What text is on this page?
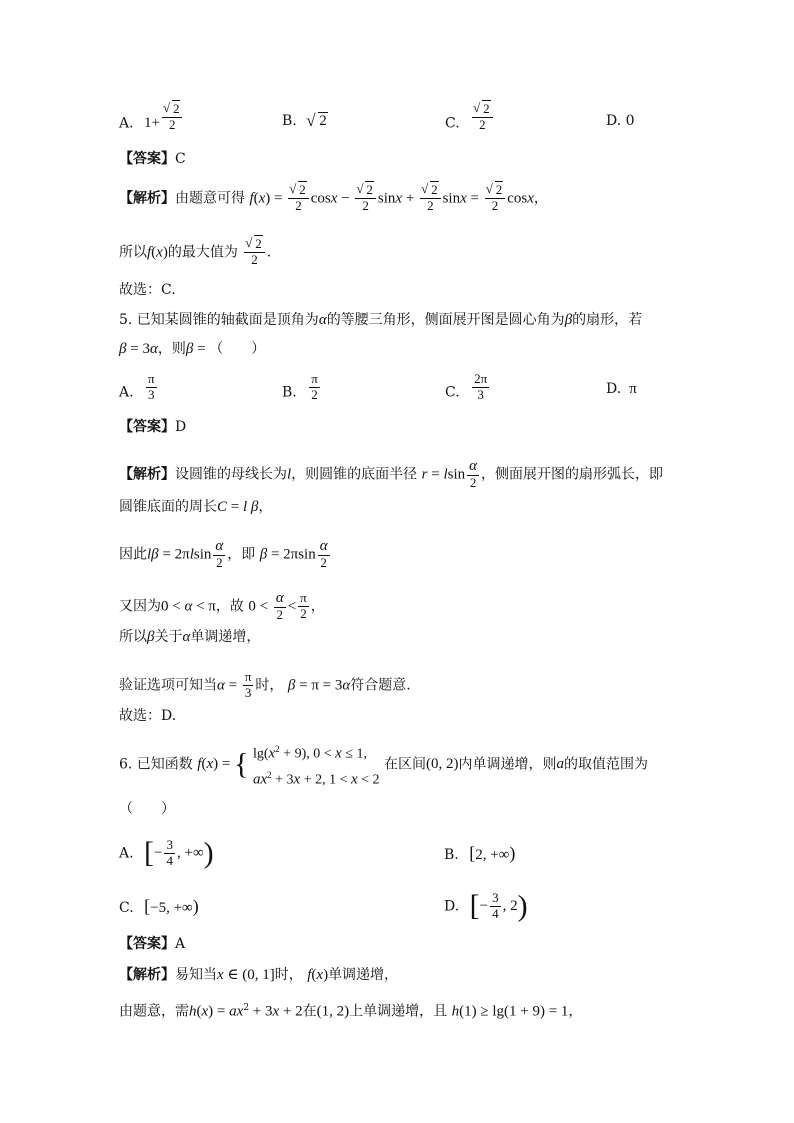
A. 1+ √ $\frac{2}{2}$	B. √ 2	C. √ $\frac{2}{2}$	D. 0
【答案】C
【解析】由题意可得 f(x) = √ $\frac{2}{2}$ cosx − √ $\frac{2}{2}$ sinx + √ $\frac{2}{2}$ sinx = √ $\frac{2}{2}$ cosx，
所以f(x)的最大值为 √ $\frac{2}{2}$ .
故选：C.
5. 已知某圆锥的轴截面是顶角为α的等腰三角形，侧面展开图是圆心角为β的扇形，若
β = 3α，则β = （　　）
A. $\frac{\pi}{3}$	B. $\frac{\pi}{2}$	C. $\frac{2\pi}{3}$	D. π
【答案】D
【解析】设圆锥的母线长为l，则圆锥的底面半径 r = lsin $\frac{\alpha}{2}$ ，侧面展开图的扇形弧长，即
圆锥底面的周长C = l β，
因此$l\beta = 2\pi lsin \frac{\alpha}{2}$ ，即 $\beta = 2\pi\sin \frac{\alpha}{2}$
又因为0 < α < π，故 $0 < \frac{\alpha}{2} < \frac{\pi}{2}$ ，
所以β关于α单调递增，
验证选项可知当$\alpha = \frac{\pi}{3}$ 时， β = π = 3α符合题意.
故选：D.
6. 已知函数 f(x) = { $\lg(x^2 + 9)$, 0 < x ≤ 1,
$ax^2 + 3x + 2$, 1 < x < 2
在区间(0, 2)内单调递增，则a的取值范围为
（　　）
A. [− $\frac{3}{4}$ , +∞)	B. [2, +∞)
C. [−5, +∞)	D. [− $\frac{3}{4}$ , 2)
【答案】A
【解析】易知当x ∈ (0, 1]时， f(x)单调递增，
由题意，需$h(x) = ax^2 + 3x + 2$在(1, 2)上单调递增，且 h(1) ≥ lg(1 + 9) = 1，
